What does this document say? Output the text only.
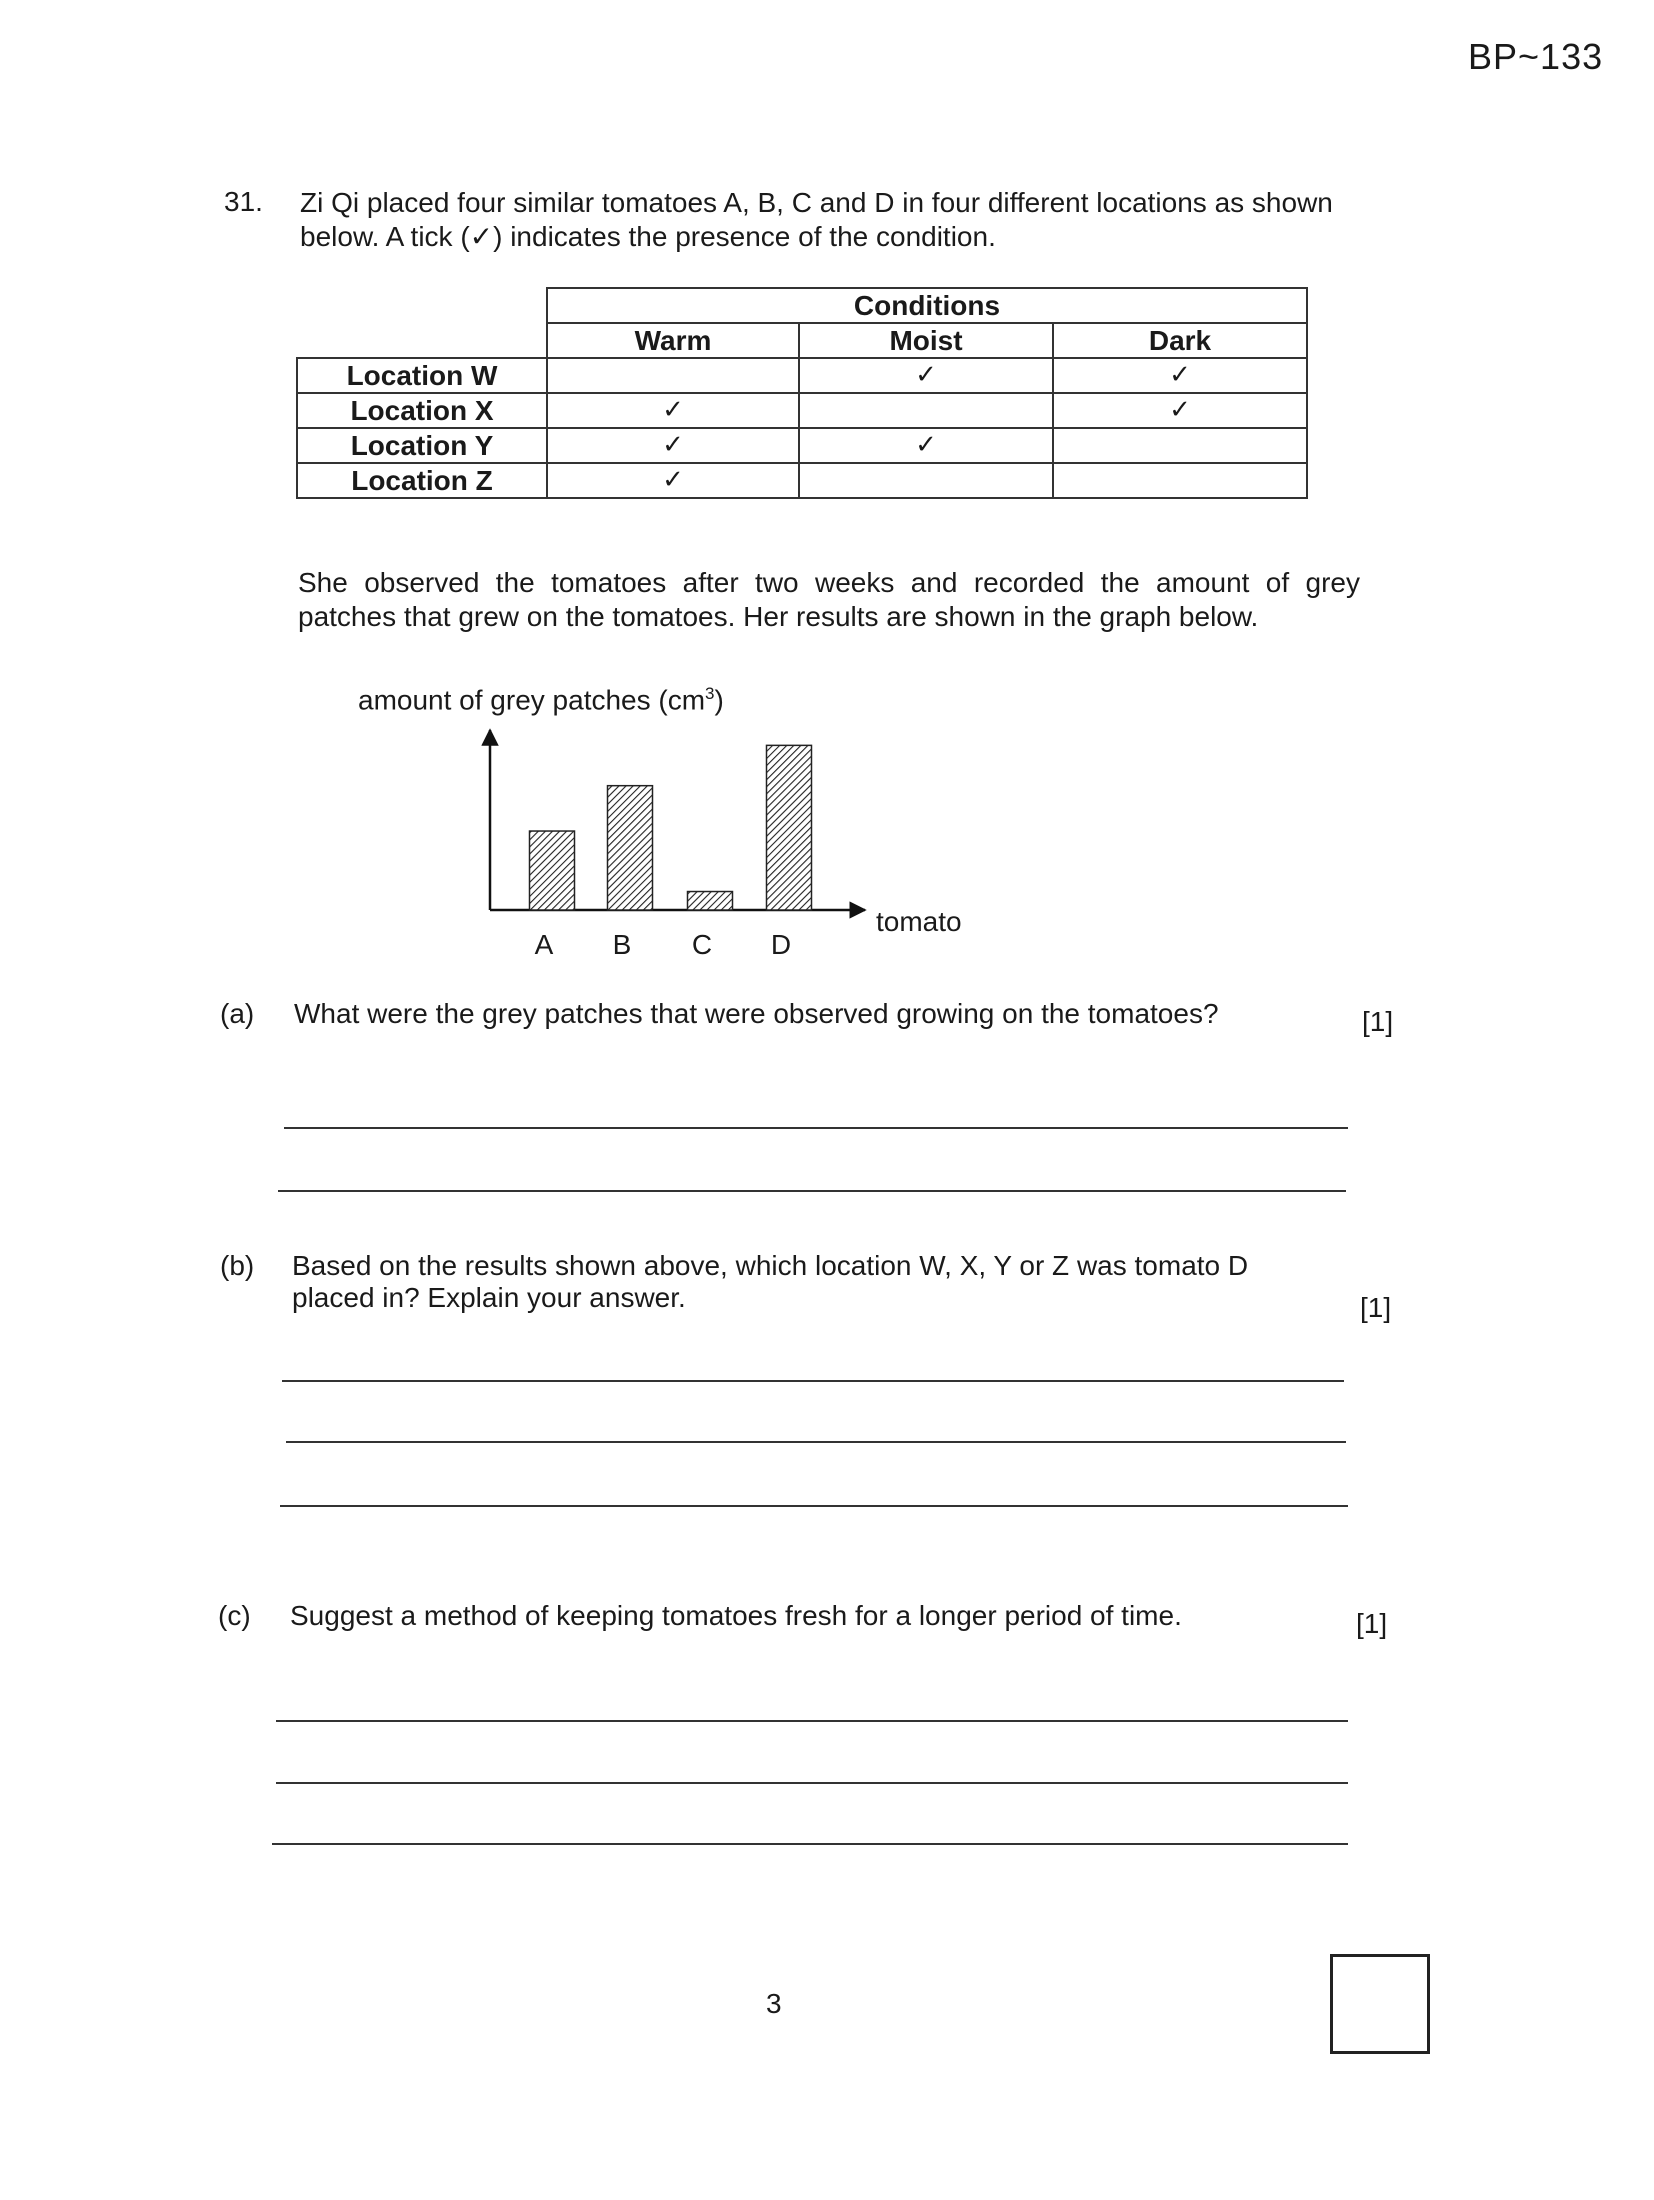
BP~133
31. Zi Qi placed four similar tomatoes A, B, C and D in four different locations as shown below. A tick (✓) indicates the presence of the condition.
	Conditions		
	Warm	Moist	Dark
Location W		✓	✓
Location X	✓		✓
Location Y	✓	✓	
Location Z	✓		
She observed the tomatoes after two weeks and recorded the amount of grey patches that grew on the tomatoes. Her results are shown in the graph below.
amount of grey patches $(cm^3)$
A B C D
tomato
(a) What were the grey patches that were observed growing on the tomatoes?	[1]
(b) Based on the results shown above, which location W, X, Y or Z was tomato D
placed in? Explain your answer.	[1]
(c) Suggest a method of keeping tomatoes fresh for a longer period of time.	[1]
3
